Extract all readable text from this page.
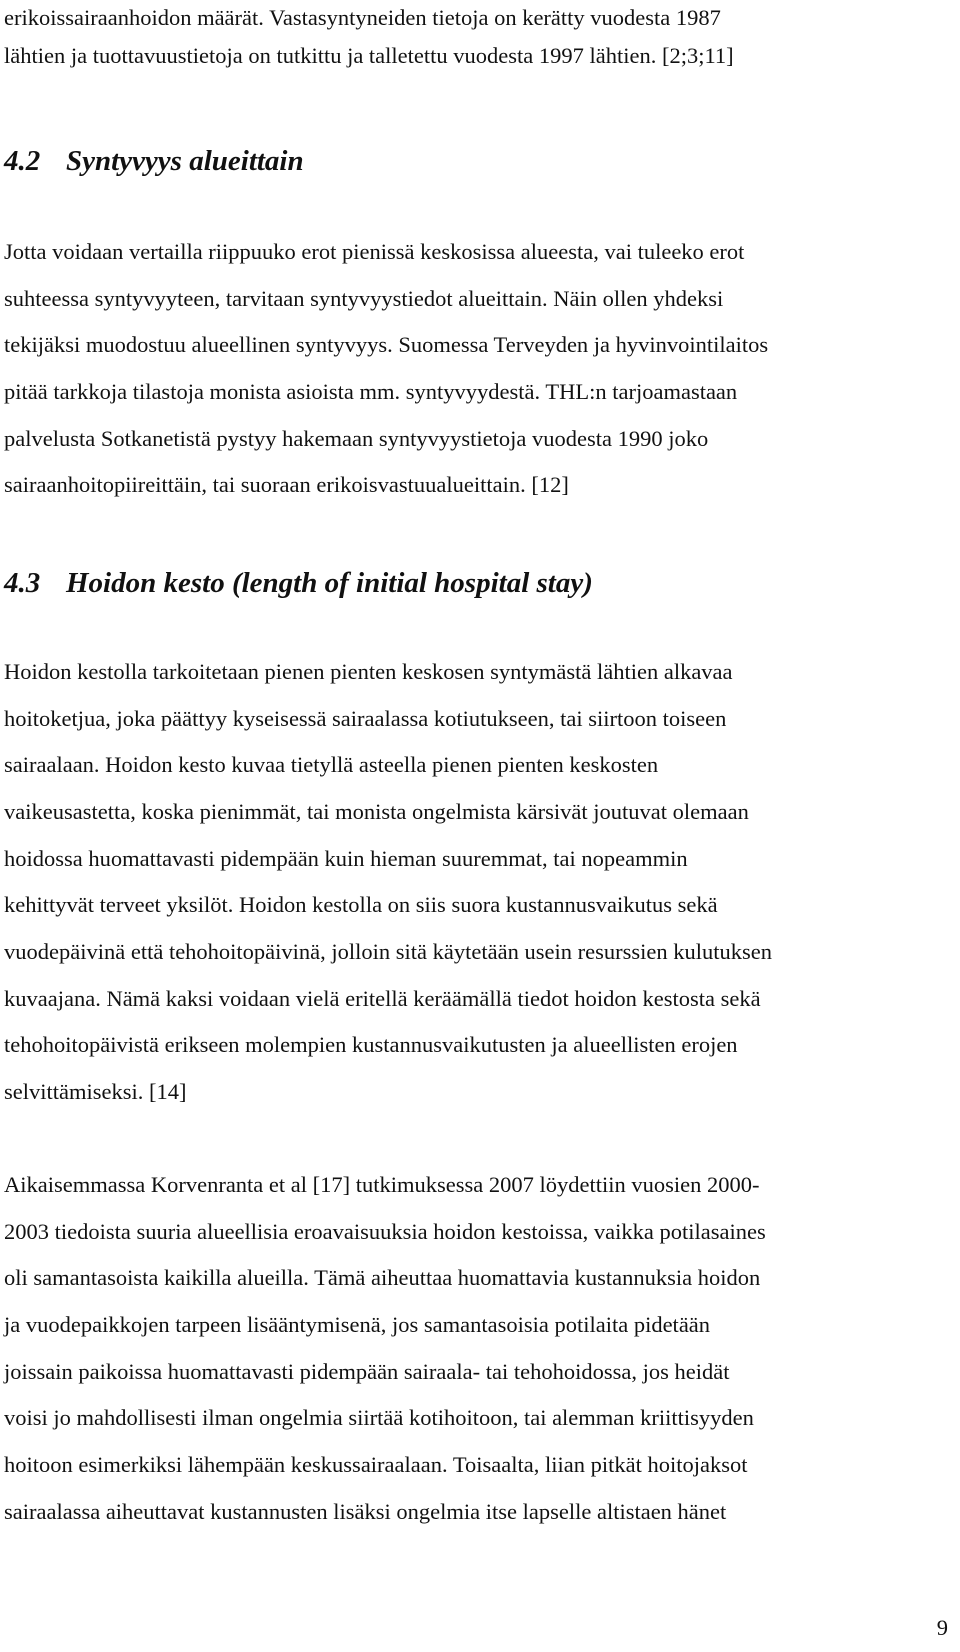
erikoissairaanhoidon määrät. Vastasyntyneiden tietoja on kerätty vuodesta 1987
lähtien ja tuottavuustietoja on tutkittu ja talletettu vuodesta 1997 lähtien. [2;3;11]
4.2 Syntyvyys alueittain
Jotta voidaan vertailla riippuuko erot pienissä keskosissa alueesta, vai tuleeko erot
suhteessa syntyvyyteen, tarvitaan syntyvyystiedot alueittain. Näin ollen yhdeksi
tekijäksi muodostuu alueellinen syntyvyys. Suomessa Terveyden ja hyvinvointilaitos
pitää tarkkoja tilastoja monista asioista mm. syntyvyydestä. THL:n tarjoamastaan
palvelusta Sotkanetistä pystyy hakemaan syntyvyystietoja vuodesta 1990 joko
sairaanhoitopiireittäin, tai suoraan erikoisvastuualueittain. [12]
4.3 Hoidon kesto (length of initial hospital stay)
Hoidon kestolla tarkoitetaan pienen pienten keskosen syntymästä lähtien alkavaa
hoitoketjua, joka päättyy kyseisessä sairaalassa kotiutukseen, tai siirtoon toiseen
sairaalaan. Hoidon kesto kuvaa tietyllä asteella pienen pienten keskosten
vaikeusastetta, koska pienimmät, tai monista ongelmista kärsivät joutuvat olemaan
hoidossa huomattavasti pidempään kuin hieman suuremmat, tai nopeammin
kehittyvät terveet yksilöt. Hoidon kestolla on siis suora kustannusvaikutus sekä
vuodepäivinä että tehohoitopäivinä, jolloin sitä käytetään usein resurssien kulutuksen
kuvaajana. Nämä kaksi voidaan vielä eritellä keräämällä tiedot hoidon kestosta sekä
tehohoitopäivistä erikseen molempien kustannusvaikutusten ja alueellisten erojen
selvittämiseksi. [14]
Aikaisemmassa Korvenranta et al [17] tutkimuksessa 2007 löydettiin vuosien 2000-
2003 tiedoista suuria alueellisia eroavaisuuksia hoidon kestoissa, vaikka potilasaines
oli samantasoista kaikilla alueilla. Tämä aiheuttaa huomattavia kustannuksia hoidon
ja vuodepaikkojen tarpeen lisääntymisenä, jos samantasoisia potilaita pidetään
joissain paikoissa huomattavasti pidempään sairaala- tai tehohoidossa, jos heidät
voisi jo mahdollisesti ilman ongelmia siirtää kotihoitoon, tai alemman kriittisyyden
hoitoon esimerkiksi lähempään keskussairaalaan. Toisaalta, liian pitkät hoitojaksot
sairaalassa aiheuttavat kustannusten lisäksi ongelmia itse lapselle altistaen hänet
9
